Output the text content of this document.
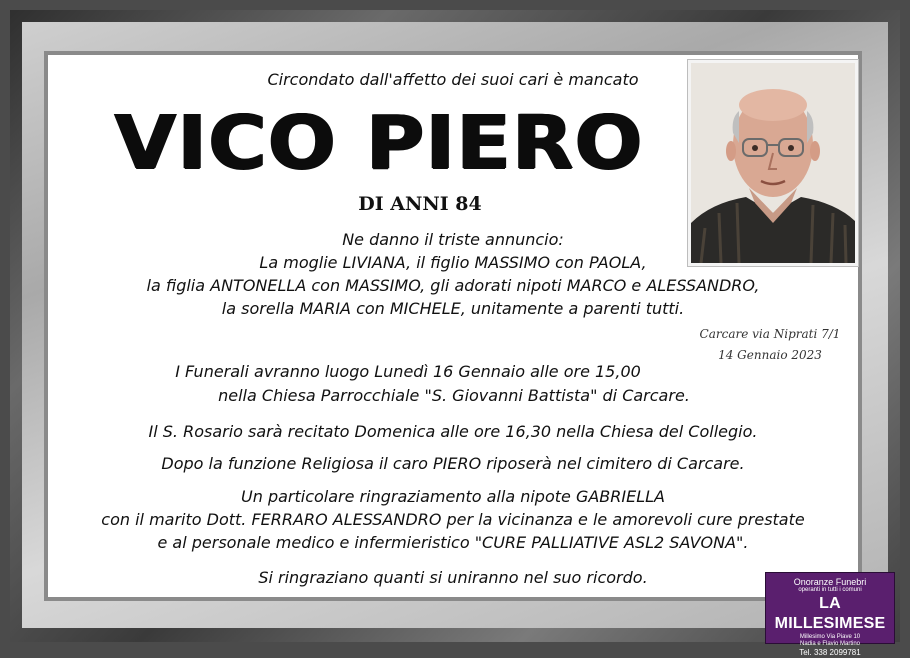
Circondato dall'affetto dei suoi cari è mancato

VICO PIERO

DI ANNI 84

Ne danno il triste annuncio:

La moglie LIVIANA, il figlio MASSIMO con PAOLA,

la figlia ANTONELLA con MASSIMO, gli adorati nipoti MARCO e ALESSANDRO,

la sorella MARIA con MICHELE, unitamente a parenti tutti.

Carcare via Niprati 7/1
14 Gennaio 2023

I Funerali avranno luogo Lunedì 16 Gennaio alle ore 15,00

nella Chiesa Parrocchiale "S. Giovanni Battista" di Carcare.

Il S. Rosario sarà recitato Domenica alle ore 16,30 nella Chiesa del Collegio.

Dopo la funzione Religiosa il caro PIERO riposerà nel cimitero di Carcare.

Un particolare ringraziamento alla nipote GABRIELLA

con il marito Dott. FERRARO ALESSANDRO per la vicinanza e le amorevoli cure prestate

e al personale medico e infermieristico "CURE PALLIATIVE ASL2 SAVONA".

Si ringraziano quanti si uniranno nel suo ricordo.	Onoranze Funebri
operanti in tutti i comuni
LA MILLESIMESE
Millesimo Via Piave 10
Nadia e Flavio Martino
Tel. 338 2099781
